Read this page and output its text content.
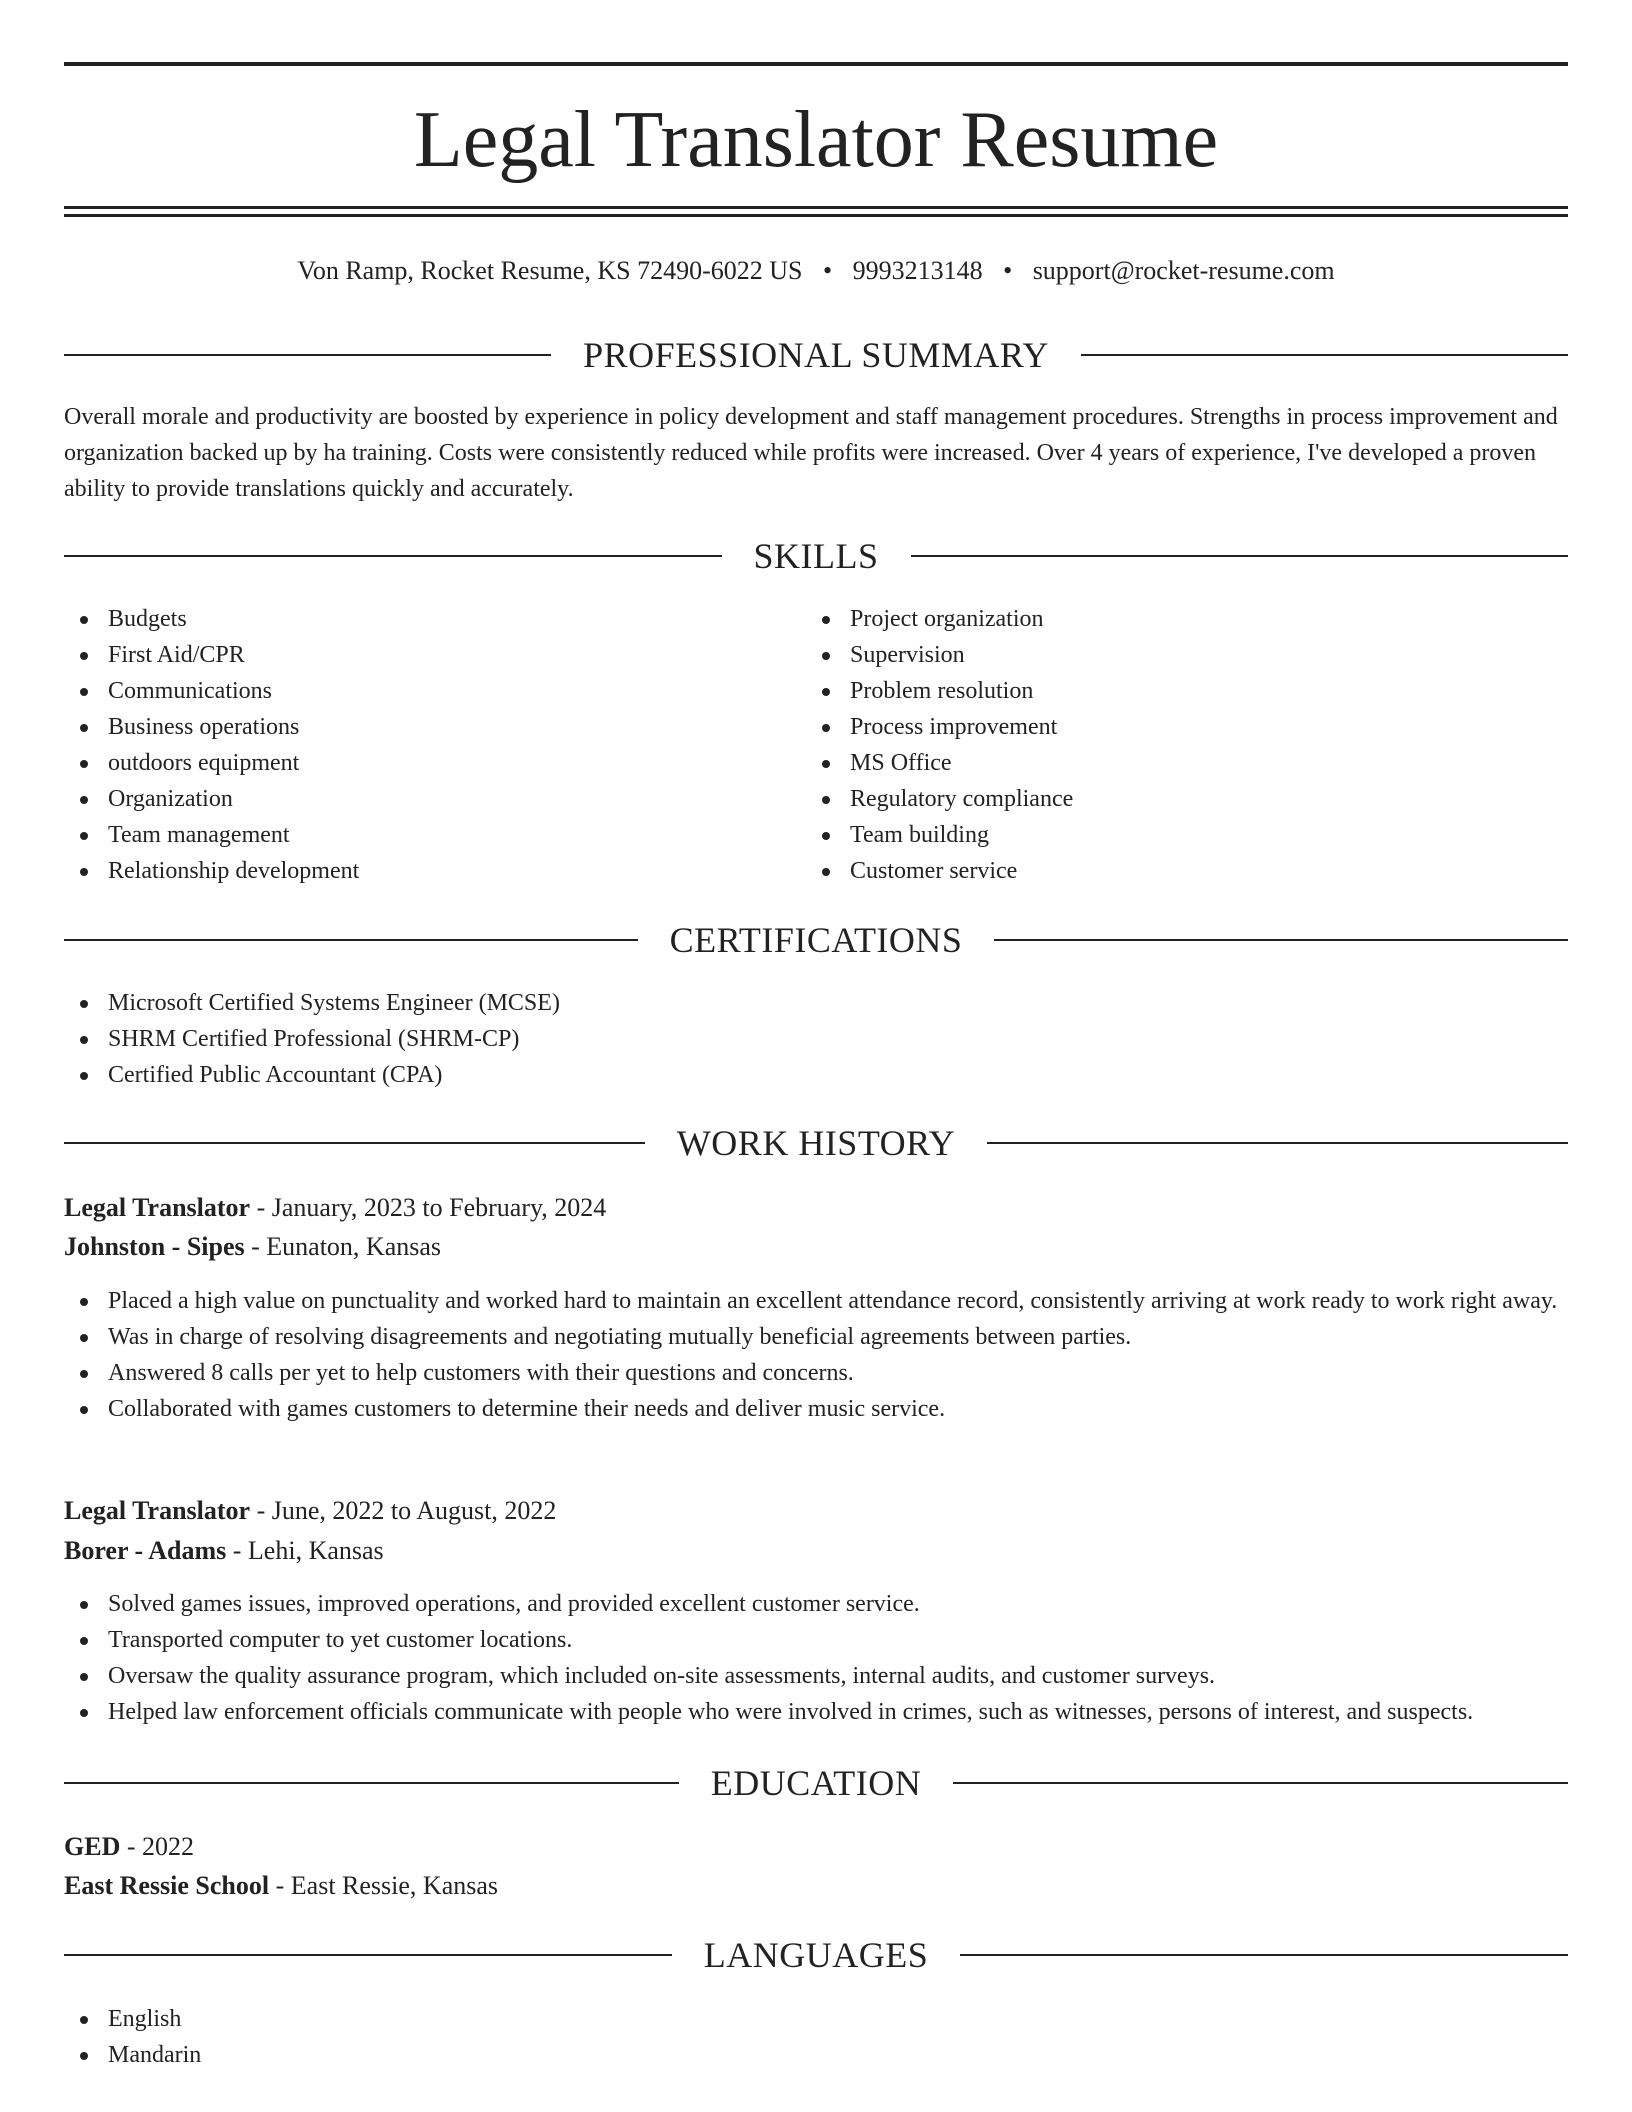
Legal Translator Resume
Von Ramp, Rocket Resume, KS 72490-6022 US • 9993213148 • support@rocket-resume.com
PROFESSIONAL SUMMARY
Overall morale and productivity are boosted by experience in policy development and staff management procedures. Strengths in process improvement and organization backed up by ha training. Costs were consistently reduced while profits were increased. Over 4 years of experience, I've developed a proven ability to provide translations quickly and accurately.
SKILLS
Budgets
First Aid/CPR
Communications
Business operations
outdoors equipment
Organization
Team management
Relationship development
Project organization
Supervision
Problem resolution
Process improvement
MS Office
Regulatory compliance
Team building
Customer service
CERTIFICATIONS
Microsoft Certified Systems Engineer (MCSE)
SHRM Certified Professional (SHRM-CP)
Certified Public Accountant (CPA)
WORK HISTORY
Legal Translator - January, 2023 to February, 2024
Johnston - Sipes - Eunaton, Kansas
Placed a high value on punctuality and worked hard to maintain an excellent attendance record, consistently arriving at work ready to work right away.
Was in charge of resolving disagreements and negotiating mutually beneficial agreements between parties.
Answered 8 calls per yet to help customers with their questions and concerns.
Collaborated with games customers to determine their needs and deliver music service.
Legal Translator - June, 2022 to August, 2022
Borer - Adams - Lehi, Kansas
Solved games issues, improved operations, and provided excellent customer service.
Transported computer to yet customer locations.
Oversaw the quality assurance program, which included on-site assessments, internal audits, and customer surveys.
Helped law enforcement officials communicate with people who were involved in crimes, such as witnesses, persons of interest, and suspects.
EDUCATION
GED - 2022
East Ressie School - East Ressie, Kansas
LANGUAGES
English
Mandarin
